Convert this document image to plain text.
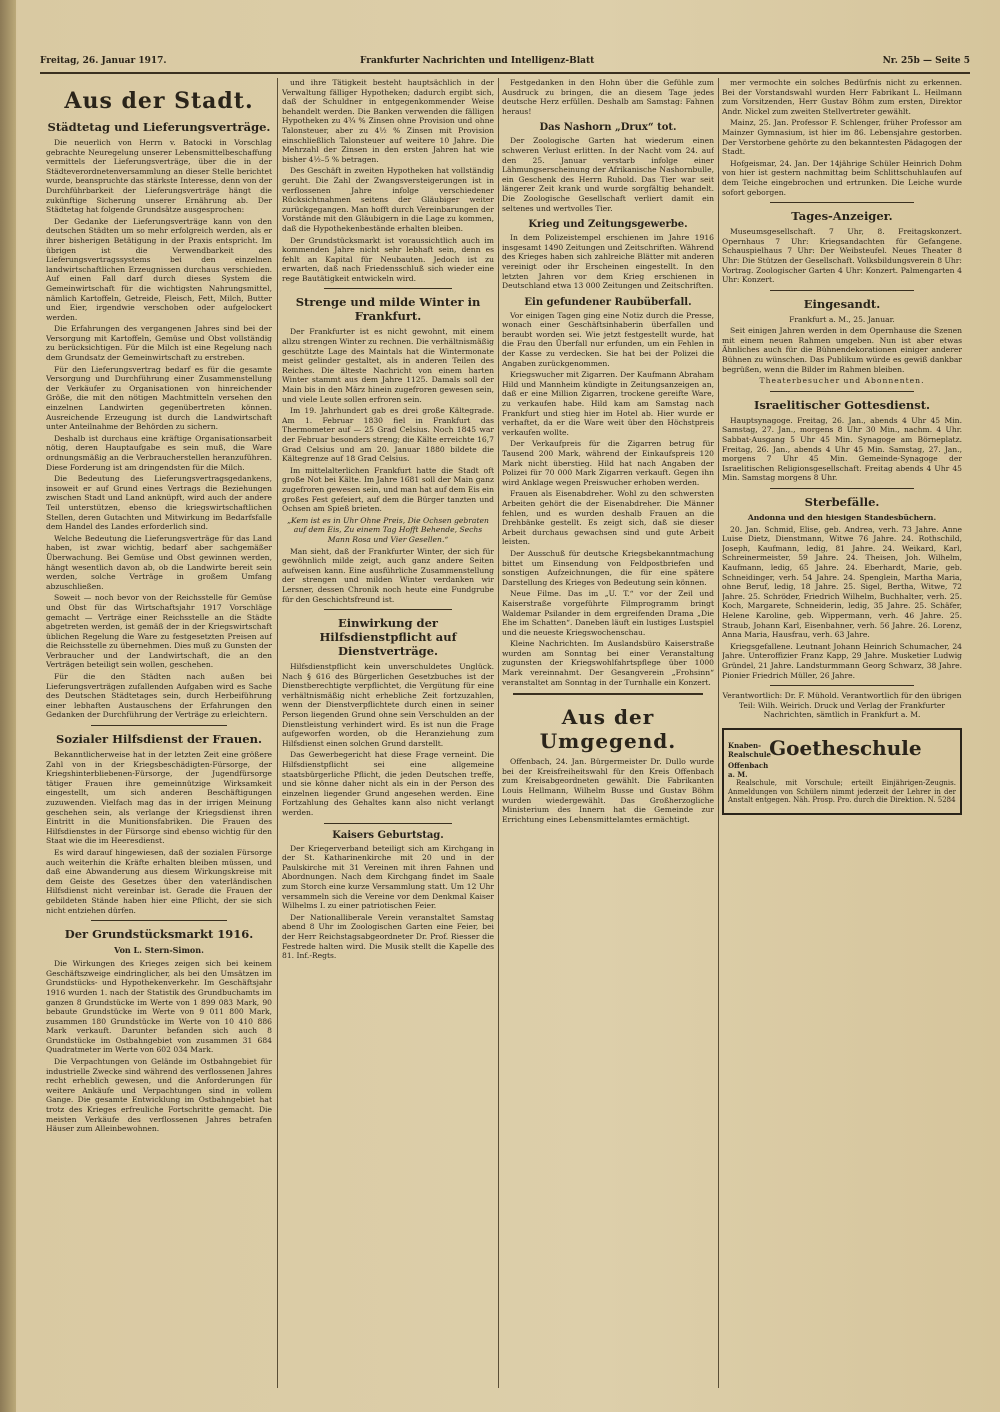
Freitag, 26. Januar 1917.	Frankfurter Nachrichten und Intelligenz-Blatt	Nr. 25b — Seite 5
Aus der Stadt.
Städtetag und Lieferungsverträge.

Die neuerlich von Herrn v. Batocki in Vorschlag gebrachte Neuregelung unserer Lebensmittelbeschaffung vermittels der Lieferungsverträge, über die in der Städteverordnetenversammlung an dieser Stelle berichtet wurde, beanspruchte das stärkste Interesse, denn von der Durchführbarkeit der Lieferungsverträge hängt die zukünftige Sicherung unserer Ernährung ab. Der Städtetag hat folgende Grundsätze ausgesprochen:

Der Gedanke der Lieferungsverträge kann von den deutschen Städten um so mehr erfolgreich werden, als er ihrer bisherigen Betätigung in der Praxis entspricht. Im übrigen ist die Verwendbarkeit des Lieferungsvertragssystems bei den einzelnen landwirtschaftlichen Erzeugnissen durchaus verschieden. Auf einen Fall darf durch dieses System die Gemeinwirtschaft für die wichtigsten Nahrungsmittel, nämlich Kartoffeln, Getreide, Fleisch, Fett, Milch, Butter und Eier, irgendwie verschoben oder aufgelockert werden.

Die Erfahrungen des vergangenen Jahres sind bei der Versorgung mit Kartoffeln, Gemüse und Obst vollständig zu berücksichtigen. Für die Milch ist eine Regelung nach dem Grundsatz der Gemeinwirtschaft zu erstreben.

Für den Lieferungsvertrag bedarf es für die gesamte Versorgung und Durchführung einer Zusammenstellung der Verkäufer zu Organisationen von hinreichender Größe, die mit den nötigen Machtmitteln versehen den einzelnen Landwirten gegenübertreten können. Ausreichende Erzeugung ist durch die Landwirtschaft unter Anteilnahme der Behörden zu sichern.

Deshalb ist durchaus eine kräftige Organisationsarbeit nötig, deren Hauptaufgabe es sein muß, die Ware ordnungsmäßig an die Verbraucherstellen heranzuführen. Diese Forderung ist am dringendsten für die Milch.

Die Bedeutung des Lieferungsvertragsgedankens, insoweit er auf Grund eines Vertrags die Beziehungen zwischen Stadt und Land anknüpft, wird auch der andere Teil unterstützen, ebenso die kriegswirtschaftlichen Stellen, deren Gutachten und Mitwirkung im Bedarfsfalle dem Handel des Landes erforderlich sind.

Welche Bedeutung die Lieferungsverträge für das Land haben, ist zwar wichtig, bedarf aber sachgemäßer Überwachung. Bei Gemüse und Obst gewinnen werden, hängt wesentlich davon ab, ob die Landwirte bereit sein werden, solche Verträge in großem Umfang abzuschließen.

Soweit — noch bevor von der Reichsstelle für Gemüse und Obst für das Wirtschaftsjahr 1917 Vorschläge gemacht — Verträge einer Reichsstelle an die Städte abgetreten werden, ist gemäß der in der Kriegswirtschaft üblichen Regelung die Ware zu festgesetzten Preisen auf die Reichsstelle zu übernehmen. Dies muß zu Gunsten der Verbraucher und der Landwirtschaft, die an den Verträgen beteiligt sein wollen, geschehen.

Für die den Städten nach außen bei Lieferungsverträgen zufallenden Aufgaben wird es Sache des Deutschen Städtetages sein, durch Herbeiführung einer lebhaften Austauschens der Erfahrungen den Gedanken der Durchführung der Verträge zu erleichtern.

Sozialer Hilfsdienst der Frauen.

Bekanntlicherweise hat in der letzten Zeit eine größere Zahl von in der Kriegsbeschädigten-Fürsorge, der Kriegshinterbliebenen-Fürsorge, der Jugendfürsorge tätiger Frauen ihre gemeinnützige Wirksamkeit eingestellt, um sich anderen Beschäftigungen zuzuwenden. Vielfach mag das in der irrigen Meinung geschehen sein, als verlange der Kriegsdienst ihren Eintritt in die Munitionsfabriken. Die Frauen des Hilfsdienstes in der Fürsorge sind ebenso wichtig für den Staat wie die im Heeresdienst.

Es wird darauf hingewiesen, daß der sozialen Fürsorge auch weiterhin die Kräfte erhalten bleiben müssen, und daß eine Abwanderung aus diesem Wirkungskreise mit dem Geiste des Gesetzes über den vaterländischen Hilfsdienst nicht vereinbar ist. Gerade die Frauen der gebildeten Stände haben hier eine Pflicht, der sie sich nicht entziehen dürfen.

Der Grundstücksmarkt 1916.
Von L. Stern-Simon.

Die Wirkungen des Krieges zeigen sich bei keinem Geschäftszweige eindringlicher, als bei den Umsätzen im Grundstücks- und Hypothekenverkehr. Im Geschäftsjahr 1916 wurden 1. nach der Statistik des Grundbuchamts im ganzen 8 Grundstücke im Werte von 1 899 083 Mark, 90 bebaute Grundstücke im Werte von 9 011 800 Mark, zusammen 180 Grundstücke im Werte von 10 410 886 Mark verkauft. Darunter befanden sich auch 8 Grundstücke im Ostbahngebiet von zusammen 31 684 Quadratmeter im Werte von 602 034 Mark.

Die Verpachtungen von Gelände im Ostbahngebiet für industrielle Zwecke sind während des verflossenen Jahres recht erheblich gewesen, und die Anforderungen für weitere Ankäufe und Verpachtungen sind in vollem Gange. Die gesamte Entwicklung im Ostbahngebiet hat trotz des Krieges erfreuliche Fortschritte gemacht. Die meisten Verkäufe des verflossenen Jahres betrafen Häuser zum Alleinbewohnen.

und ihre Tätigkeit besteht hauptsächlich in der Verwaltung fälliger Hypotheken; dadurch ergibt sich, daß der Schuldner in entgegenkommender Weise behandelt werden. Die Banken verwenden die fälligen Hypotheken zu 4¾ % Zinsen ohne Provision und ohne Talonsteuer, aber zu 4½ % Zinsen mit Provision einschließlich Talonsteuer auf weitere 10 Jahre. Die Mehrzahl der Zinsen in den ersten Jahren hat wie bisher 4½–5 % betragen.

Des Geschäft in zweiten Hypotheken hat vollständig geruht. Die Zahl der Zwangsversteigerungen ist in verflossenen Jahre infolge verschiedener Rücksichtnahmen seitens der Gläubiger weiter zurückgegangen. Man hofft durch Vereinbarungen der Vorstände mit den Gläubigern in die Lage zu kommen, daß die Hypothekenbestände erhalten bleiben.

Der Grundstücksmarkt ist voraussichtlich auch im kommenden Jahre nicht sehr lebhaft sein, denn es fehlt an Kapital für Neubauten. Jedoch ist zu erwarten, daß nach Friedensschluß sich wieder eine rege Bautätigkeit entwickeln wird.

Strenge und milde Winter in Frankfurt.

Der Frankfurter ist es nicht gewohnt, mit einem allzu strengen Winter zu rechnen. Die verhältnismäßig geschützte Lage des Maintals hat die Wintermonate meist gelinder gestaltet, als in anderen Teilen des Reiches. Die älteste Nachricht von einem harten Winter stammt aus dem Jahre 1125. Damals soll der Main bis in den März hinein zugefroren gewesen sein, und viele Leute sollen erfroren sein.

Im 19. Jahrhundert gab es drei große Kältegrade. Am 1. Februar 1830 fiel in Frankfurt das Thermometer auf — 25 Grad Celsius. Noch 1845 war der Februar besonders streng; die Kälte erreichte 16,7 Grad Celsius und am 20. Januar 1880 bildete die Kältegrenze auf 18 Grad Celsius.

Im mittelalterlichen Frankfurt hatte die Stadt oft große Not bei Kälte. Im Jahre 1681 soll der Main ganz zugefroren gewesen sein, und man hat auf dem Eis ein großes Fest gefeiert, auf dem die Bürger tanzten und Ochsen am Spieß brieten.

„Kem ist es in Uhr Ohne Preis, Die Ochsen gebraten auf dem Eis, Zu einem Tag Hofft Behende, Sechs Mann Rosa und Vier Gesellen.“

Man sieht, daß der Frankfurter Winter, der sich für gewöhnlich milde zeigt, auch ganz andere Seiten aufweisen kann. Eine ausführliche Zusammenstellung der strengen und milden Winter verdanken wir Lersner, dessen Chronik noch heute eine Fundgrube für den Geschichtsfreund ist.

Einwirkung der Hilfsdienstpflicht auf Dienstverträge.

Hilfsdienstpflicht kein unverschuldetes Unglück. Nach § 616 des Bürgerlichen Gesetzbuches ist der Dienstberechtigte verpflichtet, die Vergütung für eine verhältnismäßig nicht erhebliche Zeit fortzuzahlen, wenn der Dienstverpflichtete durch einen in seiner Person liegenden Grund ohne sein Verschulden an der Dienstleistung verhindert wird. Es ist nun die Frage aufgeworfen worden, ob die Heranziehung zum Hilfsdienst einen solchen Grund darstellt.

Das Gewerbegericht hat diese Frage verneint. Die Hilfsdienstpflicht sei eine allgemeine staatsbürgerliche Pflicht, die jeden Deutschen treffe, und sie könne daher nicht als ein in der Person des einzelnen liegender Grund angesehen werden. Eine Fortzahlung des Gehaltes kann also nicht verlangt werden.

Kaisers Geburtstag.

Der Kriegerverband beteiligt sich am Kirchgang in der St. Katharinenkirche mit 20 und in der Paulskirche mit 31 Vereinen mit ihren Fahnen und Abordnungen. Nach dem Kirchgang findet im Saale zum Storch eine kurze Versammlung statt. Um 12 Uhr versammeln sich die Vereine vor dem Denkmal Kaiser Wilhelms I. zu einer patriotischen Feier.

Der Nationalliberale Verein veranstaltet Samstag abend 8 Uhr im Zoologischen Garten eine Feier, bei der Herr Reichstagsabgeordneter Dr. Prof. Riesser die Festrede halten wird. Die Musik stellt die Kapelle des 81. Inf.-Regts.

Festgedanken in den Hohn über die Gefühle zum Ausdruck zu bringen, die an diesem Tage jedes deutsche Herz erfüllen. Deshalb am Samstag: Fahnen heraus!

Das Nashorn „Drux“ tot.

Der Zoologische Garten hat wiederum einen schweren Verlust erlitten. In der Nacht vom 24. auf den 25. Januar verstarb infolge einer Lähmungserscheinung der Afrikanische Nashornbulle, ein Geschenk des Herrn Ruhold. Das Tier war seit längerer Zeit krank und wurde sorgfältig behandelt. Die Zoologische Gesellschaft verliert damit ein seltenes und wertvolles Tier.

Krieg und Zeitungsgewerbe.

In dem Polizeistempel erschienen im Jahre 1916 insgesamt 1490 Zeitungen und Zeitschriften. Während des Krieges haben sich zahlreiche Blätter mit anderen vereinigt oder ihr Erscheinen eingestellt. In den letzten Jahren vor dem Krieg erschienen in Deutschland etwa 13 000 Zeitungen und Zeitschriften.

Ein gefundener Raubüberfall.

Vor einigen Tagen ging eine Notiz durch die Presse, wonach einer Geschäftsinhaberin überfallen und beraubt worden sei. Wie jetzt festgestellt wurde, hat die Frau den Überfall nur erfunden, um ein Fehlen in der Kasse zu verdecken. Sie hat bei der Polizei die Angaben zurückgenommen.

Kriegswucher mit Zigarren. Der Kaufmann Abraham Hild und Mannheim kündigte in Zeitungsanzeigen an, daß er eine Million Zigarren, trockene gereifte Ware, zu verkaufen habe. Hild kam am Samstag nach Frankfurt und stieg hier im Hotel ab. Hier wurde er verhaftet, da er die Ware weit über den Höchstpreis verkaufen wollte.

Der Verkaufpreis für die Zigarren betrug für Tausend 200 Mark, während der Einkaufspreis 120 Mark nicht überstieg. Hild hat nach Angaben der Polizei für 70 000 Mark Zigarren verkauft. Gegen ihn wird Anklage wegen Preiswucher erhoben werden.

Frauen als Eisenabdreher. Wohl zu den schwersten Arbeiten gehört die der Eisenabdreher. Die Männer fehlen, und es wurden deshalb Frauen an die Drehbänke gestellt. Es zeigt sich, daß sie dieser Arbeit durchaus gewachsen sind und gute Arbeit leisten.

Der Ausschuß für deutsche Kriegsbekanntmachung bittet um Einsendung von Feldpostbriefen und sonstigen Aufzeichnungen, die für eine spätere Darstellung des Krieges von Bedeutung sein können.

Neue Filme. Das im „U. T.“ vor der Zeil und Kaiserstraße vorgeführte Filmprogramm bringt Waldemar Psilander in dem ergreifenden Drama „Die Ehe im Schatten“. Daneben läuft ein lustiges Lustspiel und die neueste Kriegswochenschau.

Kleine Nachrichten. Im Auslandsbüro Kaiserstraße wurden am Sonntag bei einer Veranstaltung zugunsten der Kriegswohlfahrtspflege über 1000 Mark vereinnahmt. Der Gesangverein „Frohsinn“ veranstaltet am Sonntag in der Turnhalle ein Konzert.

Aus der Umgegend.

Offenbach, 24. Jan. Bürgermeister Dr. Dullo wurde bei der Kreisfreiheitswahl für den Kreis Offenbach zum Kreisabgeordneten gewählt. Die Fabrikanten Louis Hellmann, Wilhelm Busse und Gustav Böhm wurden wiedergewählt. Das Großherzogliche Ministerium des Innern hat die Gemeinde zur Errichtung eines Lebensmittelamtes ermächtigt.

mer vermochte ein solches Bedürfnis nicht zu erkennen. Bei der Vorstandswahl wurden Herr Fabrikant L. Heilmann zum Vorsitzenden, Herr Gustav Böhm zum ersten, Direktor Andr. Nickel zum zweiten Stellvertreter gewählt.

Mainz, 25. Jan. Professor F. Schlenger, früher Professor am Mainzer Gymnasium, ist hier im 86. Lebensjahre gestorben. Der Verstorbene gehörte zu den bekanntesten Pädagogen der Stadt.

Hofgeismar, 24. Jan. Der 14jährige Schüler Heinrich Dohm von hier ist gestern nachmittag beim Schlittschuhlaufen auf dem Teiche eingebrochen und ertrunken. Die Leiche wurde sofort geborgen.

Tages-Anzeiger.

Museumsgesellschaft. 7 Uhr, 8. Freitagskonzert. Opernhaus 7 Uhr: Kriegsandachten für Gefangene. Schauspielhaus 7 Uhr: Der Weibsteufel. Neues Theater 8 Uhr: Die Stützen der Gesellschaft. Volksbildungsverein 8 Uhr: Vortrag. Zoologischer Garten 4 Uhr: Konzert. Palmengarten 4 Uhr: Konzert.

Eingesandt.

Frankfurt a. M., 25. Januar.

Seit einigen Jahren werden in dem Opernhause die Szenen mit einem neuen Rahmen umgeben. Nun ist aber etwas Ähnliches auch für die Bühnendekorationen einiger anderer Bühnen zu wünschen. Das Publikum würde es gewiß dankbar begrüßen, wenn die Bilder im Rahmen bleiben.

Theaterbesucher und Abonnenten.

Israelitischer Gottesdienst.

Hauptsynagoge. Freitag, 26. Jan., abends 4 Uhr 45 Min. Samstag, 27. Jan., morgens 8 Uhr 30 Min., nachm. 4 Uhr. Sabbat-Ausgang 5 Uhr 45 Min. Synagoge am Börneplatz. Freitag, 26. Jan., abends 4 Uhr 45 Min. Samstag, 27. Jan., morgens 7 Uhr 45 Min. Gemeinde-Synagoge der Israelitischen Religionsgesellschaft. Freitag abends 4 Uhr 45 Min. Samstag morgens 8 Uhr.

Sterbefälle.

Andonna und den hiesigen Standesbüchern.

20. Jan. Schmid, Elise, geb. Andrea, verh. 73 Jahre. Anne Luise Dietz, Dienstmann, Witwe 76 Jahre. 24. Rothschild, Joseph, Kaufmann, ledig, 81 Jahre. 24. Weikard, Karl, Schreinermeister, 59 Jahre. 24. Theisen, Joh. Wilhelm, Kaufmann, ledig, 65 Jahre. 24. Eberhardt, Marie, geb. Schneidinger, verh. 54 Jahre. 24. Spenglein, Martha Maria, ohne Beruf, ledig, 18 Jahre. 25. Sigel, Bertha, Witwe, 72 Jahre. 25. Schröder, Friedrich Wilhelm, Buchhalter, verh. 25. Koch, Margarete, Schneiderin, ledig, 35 Jahre. 25. Schäfer, Helene Karoline, geb. Wippermann, verh. 46 Jahre. 25. Straub, Johann Karl, Eisenbahner, verh. 56 Jahre. 26. Lorenz, Anna Maria, Hausfrau, verh. 63 Jahre.

Kriegsgefallene. Leutnant Johann Heinrich Schumacher, 24 Jahre. Unteroffizier Franz Kapp, 29 Jahre. Musketier Ludwig Gründel, 21 Jahre. Landsturmmann Georg Schwarz, 38 Jahre. Pionier Friedrich Müller, 26 Jahre.

Verantwortlich: Dr. F. Mühold. Verantwortlich für den übrigen Teil: Wilh. Weirich. Druck und Verlag der Frankfurter Nachrichten, sämtlich in Frankfurt a. M.

Knaben-Realschule Goetheschule Offenbach a. M.

Realschule, mit Vorschule; erteilt Einjährigen-Zeugnis. Anmeldungen von Schülern nimmt jederzeit der Lehrer in der Anstalt entgegen. Näh. Prosp. Pro. durch die Direktion. N. 5284
